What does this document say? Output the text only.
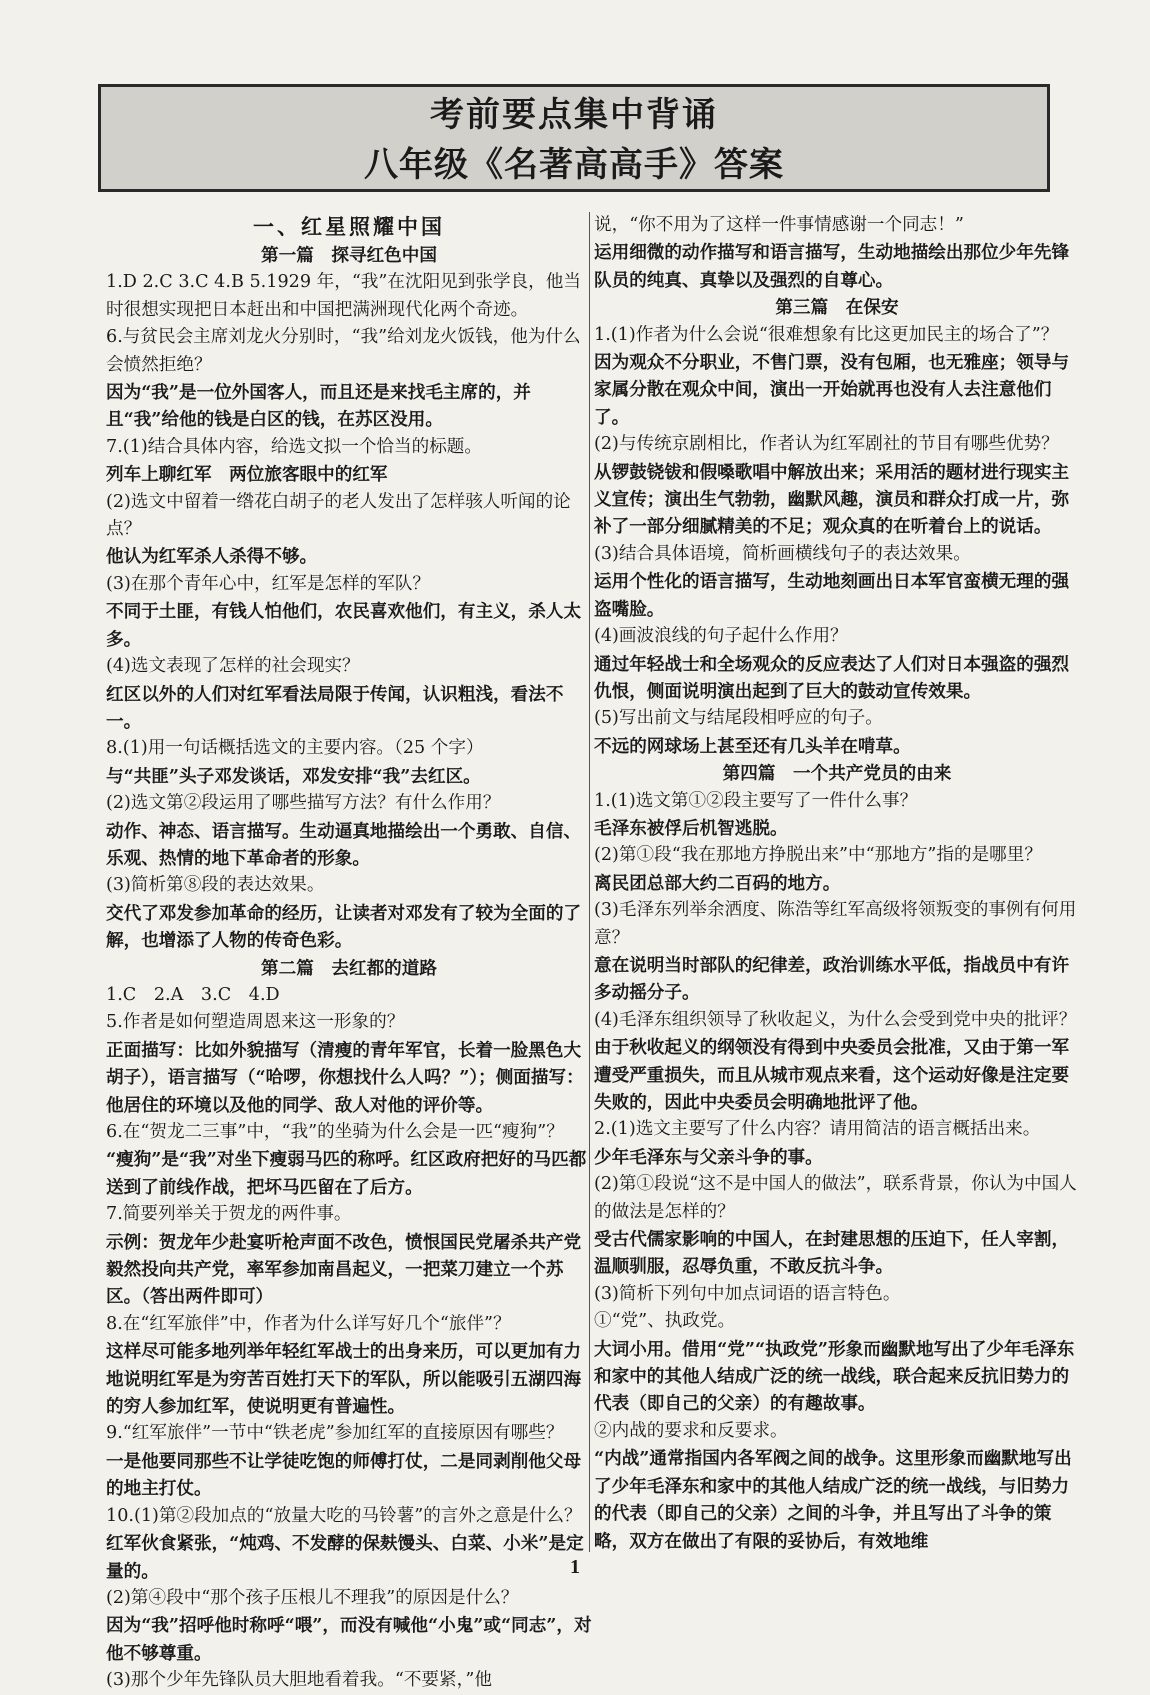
考前要点集中背诵
八年级《名著高高手》答案

一、红星照耀中国

第一篇　探寻红色中国

1.D 2.C 3.C 4.B 5.1929 年，“我”在沈阳见到张学良，他当时很想实现把日本赶出和中国把满洲现代化两个奇迹。

6.与贫民会主席刘龙火分别时，“我”给刘龙火饭钱，他为什么会愤然拒绝？

因为“我”是一位外国客人，而且还是来找毛主席的，并且“我”给他的钱是白区的钱，在苏区没用。

7.(1)结合具体内容，给选文拟一个恰当的标题。

列车上聊红军　两位旅客眼中的红军

(2)选文中留着一绺花白胡子的老人发出了怎样骇人听闻的论点？

他认为红军杀人杀得不够。

(3)在那个青年心中，红军是怎样的军队？

不同于土匪，有钱人怕他们，农民喜欢他们，有主义，杀人太多。

(4)选文表现了怎样的社会现实？

红区以外的人们对红军看法局限于传闻，认识粗浅，看法不一。

8.(1)用一句话概括选文的主要内容。（25 个字）

与“共匪”头子邓发谈话，邓发安排“我”去红区。

(2)选文第②段运用了哪些描写方法？有什么作用？

动作、神态、语言描写。生动逼真地描绘出一个勇敢、自信、乐观、热情的地下革命者的形象。

(3)简析第⑧段的表达效果。

交代了邓发参加革命的经历，让读者对邓发有了较为全面的了解，也增添了人物的传奇色彩。

第二篇　去红都的道路

1.C　2.A　3.C　4.D

5.作者是如何塑造周恩来这一形象的？

正面描写：比如外貌描写（清瘦的青年军官，长着一脸黑色大胡子），语言描写（“哈啰，你想找什么人吗？”）；侧面描写：他居住的环境以及他的同学、敌人对他的评价等。

6.在“贺龙二三事”中，“我”的坐骑为什么会是一匹“瘦狗”？

“瘦狗”是“我”对坐下瘦弱马匹的称呼。红区政府把好的马匹都送到了前线作战，把坏马匹留在了后方。

7.简要列举关于贺龙的两件事。

示例：贺龙年少赴宴听枪声面不改色，愤恨国民党屠杀共产党毅然投向共产党，率军参加南昌起义，一把菜刀建立一个苏区。（答出两件即可）

8.在“红军旅伴”中，作者为什么详写好几个“旅伴”？

这样尽可能多地列举年轻红军战士的出身来历，可以更加有力地说明红军是为穷苦百姓打天下的军队，所以能吸引五湖四海的穷人参加红军，使说明更有普遍性。

9.“红军旅伴”一节中“铁老虎”参加红军的直接原因有哪些？

一是他要同那些不让学徒吃饱的师傅打仗，二是同剥削他父母的地主打仗。

10.(1)第②段加点的“放量大吃的马铃薯”的言外之意是什么？

红军伙食紧张，“炖鸡、不发酵的保麸馒头、白菜、小米”是定量的。

(2)第④段中“那个孩子压根儿不理我”的原因是什么？

因为“我”招呼他时称呼“喂”，而没有喊他“小鬼”或“同志”，对他不够尊重。

(3)那个少年先锋队员大胆地看着我。“不要紧，”他

说，“你不用为了这样一件事情感谢一个同志！”

运用细微的动作描写和语言描写，生动地描绘出那位少年先锋队员的纯真、真挚以及强烈的自尊心。

第三篇　在保安

1.(1)作者为什么会说“很难想象有比这更加民主的场合了”？

因为观众不分职业，不售门票，没有包厢，也无雅座；领导与家属分散在观众中间，演出一开始就再也没有人去注意他们了。

(2)与传统京剧相比，作者认为红军剧社的节目有哪些优势？

从锣鼓铙钹和假嗓歌唱中解放出来；采用活的题材进行现实主义宣传；演出生气勃勃，幽默风趣，演员和群众打成一片，弥补了一部分细腻精美的不足；观众真的在听着台上的说话。

(3)结合具体语境，简析画横线句子的表达效果。

运用个性化的语言描写，生动地刻画出日本军官蛮横无理的强盗嘴脸。

(4)画波浪线的句子起什么作用？

通过年轻战士和全场观众的反应表达了人们对日本强盗的强烈仇恨，侧面说明演出起到了巨大的鼓动宣传效果。

(5)写出前文与结尾段相呼应的句子。

不远的网球场上甚至还有几头羊在啃草。

第四篇　一个共产党员的由来

1.(1)选文第①②段主要写了一件什么事？

毛泽东被俘后机智逃脱。

(2)第①段“我在那地方挣脱出来”中“那地方”指的是哪里？

离民团总部大约二百码的地方。

(3)毛泽东列举余洒度、陈浩等红军高级将领叛变的事例有何用意？

意在说明当时部队的纪律差，政治训练水平低，指战员中有许多动摇分子。

(4)毛泽东组织领导了秋收起义，为什么会受到党中央的批评？

由于秋收起义的纲领没有得到中央委员会批准，又由于第一军遭受严重损失，而且从城市观点来看，这个运动好像是注定要失败的，因此中央委员会明确地批评了他。

2.(1)选文主要写了什么内容？请用简洁的语言概括出来。

少年毛泽东与父亲斗争的事。

(2)第①段说“这不是中国人的做法”，联系背景，你认为中国人的做法是怎样的？

受古代儒家影响的中国人，在封建思想的压迫下，任人宰割，温顺驯服，忍辱负重，不敢反抗斗争。

(3)简析下列句中加点词语的语言特色。

①“党”、执政党。

大词小用。借用“党”“执政党”形象而幽默地写出了少年毛泽东和家中的其他人结成广泛的统一战线，联合起来反抗旧势力的代表（即自己的父亲）的有趣故事。

②内战的要求和反要求。

“内战”通常指国内各军阀之间的战争。这里形象而幽默地写出了少年毛泽东和家中的其他人结成广泛的统一战线，与旧势力的代表（即自己的父亲）之间的斗争，并且写出了斗争的策略，双方在做出了有限的妥协后，有效地维

1
